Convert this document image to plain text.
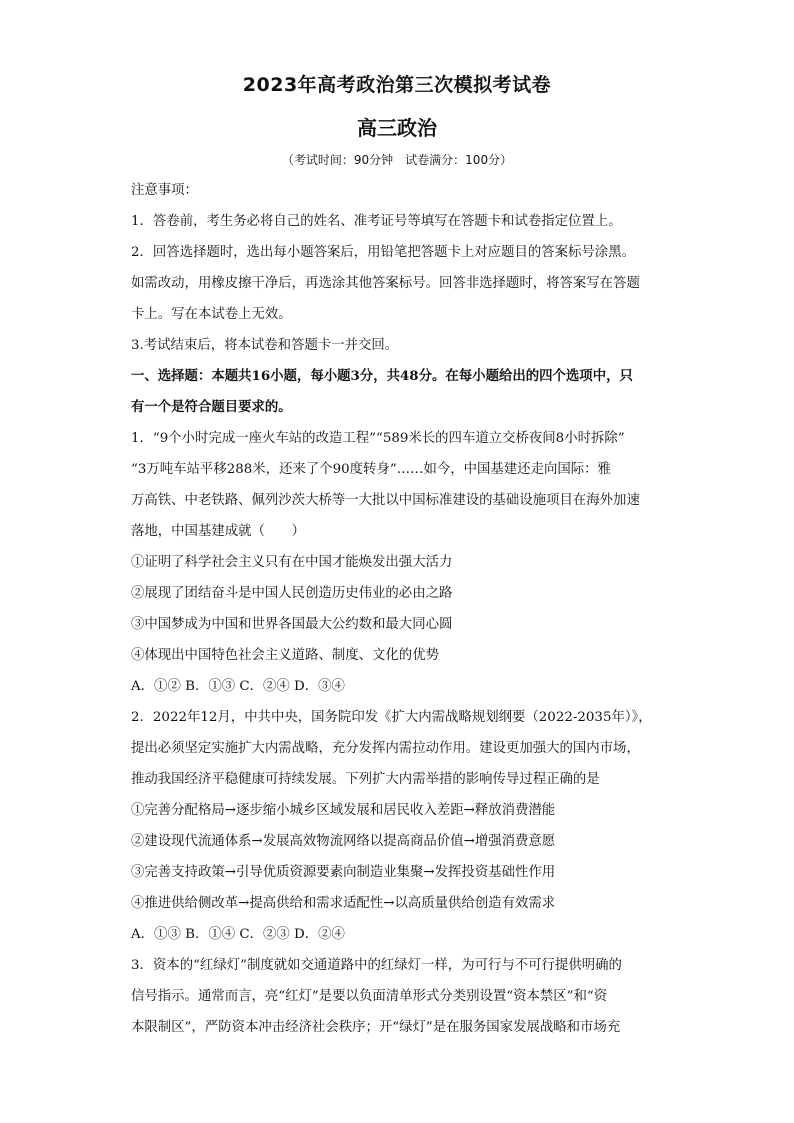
2023年高考政治第三次模拟考试卷
高三政治
（考试时间：90分钟　试卷满分：100分）
注意事项：
1．答卷前，考生务必将自己的姓名、准考证号等填写在答题卡和试卷指定位置上。
2．回答选择题时，选出每小题答案后，用铅笔把答题卡上对应题目的答案标号涂黑。
如需改动，用橡皮擦干净后，再选涂其他答案标号。回答非选择题时，将答案写在答题
卡上。写在本试卷上无效。
3.考试结束后，将本试卷和答题卡一并交回。
一、选择题：本题共16小题，每小题3分，共48分。在每小题给出的四个选项中，只
有一个是符合题目要求的。
1．“9个小时完成一座火车站的改造工程”“589米长的四车道立交桥夜间8小时拆除”
“3万吨车站平移288米，还来了个90度转身”……如今，中国基建还走向国际：雅
万高铁、中老铁路、佩列沙茨大桥等一大批以中国标准建设的基础设施项目在海外加速
落地，中国基建成就（　　）
①证明了科学社会主义只有在中国才能焕发出强大活力
②展现了团结奋斗是中国人民创造历史伟业的必由之路
③中国梦成为中国和世界各国最大公约数和最大同心圆
④体现出中国特色社会主义道路、制度、文化的优势
A．①② B．①③ C．②④ D．③④
2．2022年12月，中共中央，国务院印发《扩大内需战略规划纲要（2022-2035年）》，
提出必须坚定实施扩大内需战略，充分发挥内需拉动作用。建设更加强大的国内市场，
推动我国经济平稳健康可持续发展。下列扩大内需举措的影响传导过程正确的是
①完善分配格局→逐步缩小城乡区域发展和居民收入差距→释放消费潜能
②建设现代流通体系→发展高效物流网络以提高商品价值→增强消费意愿
③完善支持政策→引导优质资源要素向制造业集聚→发挥投资基础性作用
④推进供给侧改革→提高供给和需求适配性→以高质量供给创造有效需求
A．①③ B．①④ C．②③ D．②④
3．资本的“红绿灯”制度就如交通道路中的红绿灯一样，为可行与不可行提供明确的
信号指示。通常而言，亮“红灯”是要以负面清单形式分类别设置“资本禁区”和“资
本限制区”，严防资本冲击经济社会秩序；开“绿灯”是在服务国家发展战略和市场充
